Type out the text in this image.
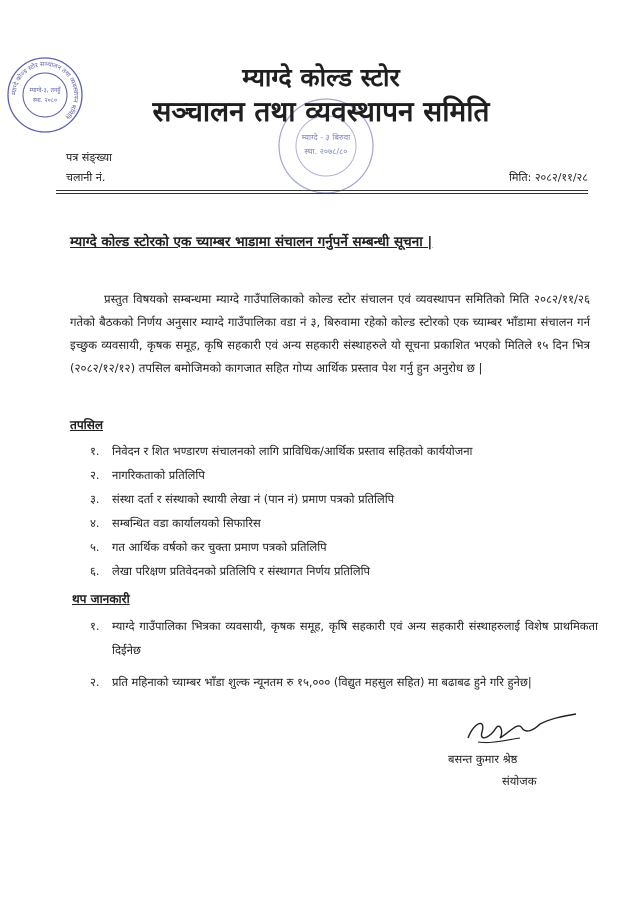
म्याग्दे कोल्ड स्टोर सञ्चालन तथा व्यवस्थापन समिति
म्याग्दे-३, तनहुँ
स्था. २०८०
म्याग्दे - ३ बिरुवा
स्था. २०७८/८०
म्याग्दे कोल्ड स्टोर
सञ्चालन तथा व्यवस्थापन समिति
पत्र संङ्ख्या
चलानी नं.	मिति: २०८२/११/२८
म्याग्दे कोल्ड स्टोरको एक च्याम्बर भाडामा संचालन गर्नुपर्ने सम्बन्धी सूचना |

प्रस्तुत विषयको सम्बन्धमा म्याग्दे गाउँपालिकाको कोल्ड स्टोर संचालन एवं व्यवस्थापन समितिको मिति २०८२/११/२६ गतेको बैठकको निर्णय अनुसार म्याग्दे गाउँपालिका वडा नं ३, बिरुवामा रहेको कोल्ड स्टोरको एक च्याम्बर भाँडामा संचालन गर्न इच्छुक व्यवसायी, कृषक समूह, कृषि सहकारी एवं अन्य सहकारी संस्थाहरुले यो सूचना प्रकाशित भएको मितिले १५ दिन भित्र (२०८२/१२/१२) तपसिल बमोजिमको कागजात सहित गोप्य आर्थिक प्रस्ताव पेश गर्नु हुन अनुरोध छ |

तपसिल
१. निवेदन र शित भण्डारण संचालनको लागि प्राविधिक/आर्थिक प्रस्ताव सहितको कार्ययोजना
२. नागरिकताको प्रतिलिपि
३. संस्था दर्ता र संस्थाको स्थायी लेखा नं (पान नं) प्रमाण पत्रको प्रतिलिपि
४. सम्बन्धित वडा कार्यालयको सिफारिस
५. गत आर्थिक वर्षको कर चुक्ता प्रमाण पत्रको प्रतिलिपि
६. लेखा परिक्षण प्रतिवेदनको प्रतिलिपि र संस्थागत निर्णय प्रतिलिपि
थप जानकारी
१. म्याग्दे गाउँपालिका भित्रका व्यवसायी, कृषक समूह, कृषि सहकारी एवं अन्य सहकारी संस्थाहरुलाई विशेष प्राथमिकता दिईनेछ
२. प्रति महिनाको च्याम्बर भाँडा शुल्क न्यूनतम रु १५,००० (विद्युत महसुल सहित) मा बढाबढ हुने गरि हुनेछ|
बसन्त कुमार श्रेष्ठ
संयोजक
